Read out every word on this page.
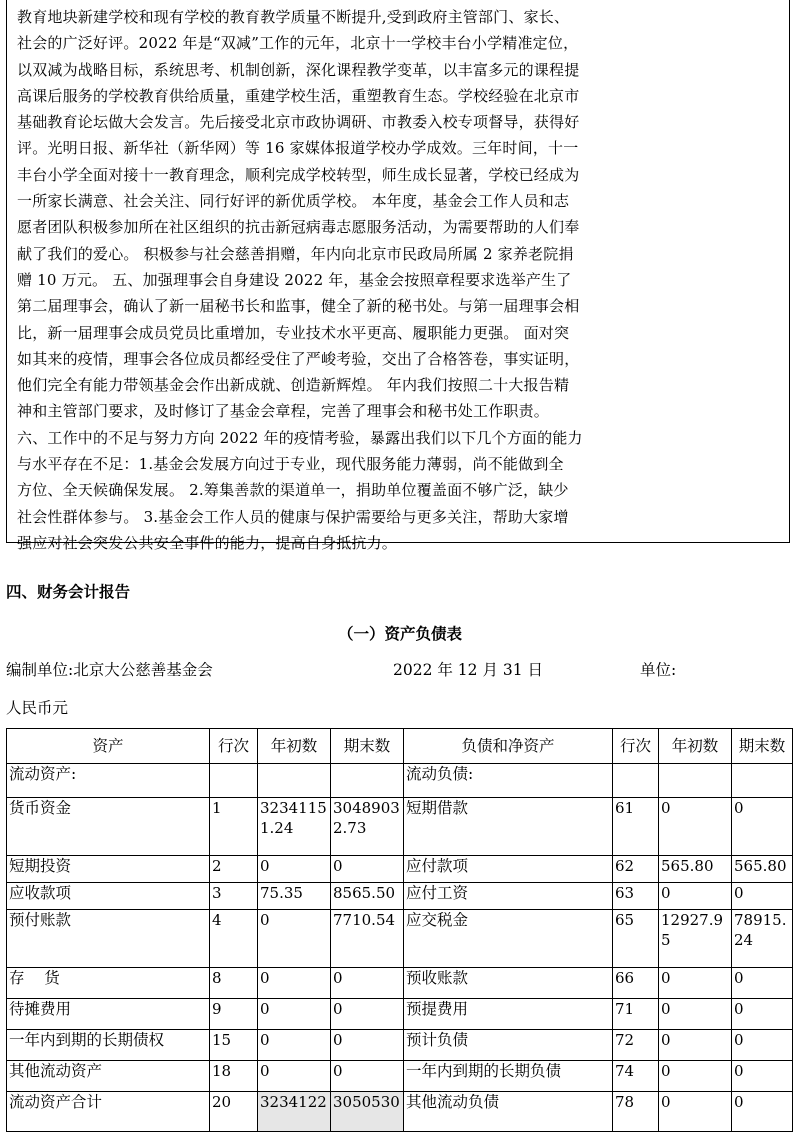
教育地块新建学校和现有学校的教育教学质量不断提升,受到政府主管部门、家长、

社会的广泛好评。2022 年是“双减”工作的元年，北京十一学校丰台小学精准定位，

以双减为战略目标，系统思考、机制创新，深化课程教学变革，以丰富多元的课程提

高课后服务的学校教育供给质量，重建学校生活，重塑教育生态。学校经验在北京市

基础教育论坛做大会发言。先后接受北京市政协调研、市教委入校专项督导，获得好

评。光明日报、新华社（新华网）等 16 家媒体报道学校办学成效。三年时间，十一

丰台小学全面对接十一教育理念，顺利完成学校转型，师生成长显著，学校已经成为

一所家长满意、社会关注、同行好评的新优质学校。 本年度，基金会工作人员和志

愿者团队积极参加所在社区组织的抗击新冠病毒志愿服务活动，为需要帮助的人们奉

献了我们的爱心。 积极参与社会慈善捐赠，年内向北京市民政局所属 2 家养老院捐

赠 10 万元。 五、加强理事会自身建设 2022 年，基金会按照章程要求选举产生了

第二届理事会，确认了新一届秘书长和监事，健全了新的秘书处。与第一届理事会相

比，新一届理事会成员党员比重增加，专业技术水平更高、履职能力更强。 面对突

如其来的疫情，理事会各位成员都经受住了严峻考验，交出了合格答卷，事实证明，

他们完全有能力带领基金会作出新成就、创造新辉煌。 年内我们按照二十大报告精

神和主管部门要求，及时修订了基金会章程，完善了理事会和秘书处工作职责。

六、工作中的不足与努力方向 2022 年的疫情考验，暴露出我们以下几个方面的能力

与水平存在不足：1.基金会发展方向过于专业，现代服务能力薄弱，尚不能做到全

方位、全天候确保发展。 2.筹集善款的渠道单一，捐助单位覆盖面不够广泛，缺少

社会性群体参与。 3.基金会工作人员的健康与保护需要给与更多关注，帮助大家增

强应对社会突发公共安全事件的能力，提高自身抵抗力。

四、财务会计报告
（一）资产负债表
编制单位:北京大公慈善基金会	2022 年 12 月 31 日	单位:
人民币元
资产	行次	年初数	期末数	负债和净资产	行次	年初数	期末数
流动资产:				流动负债:			
货币资金	1	32341151.24	30489032.73	短期借款	61	0	0
短期投资	2	0	0	应付款项	62	565.80	565.80
应收款项	3	75.35	8565.50	应付工资	63	0	0
预付账款	4	0	7710.54	应交税金	65	12927.95	78915.24
存    货	8	0	0	预收账款	66	0	0
待摊费用	9	0	0	预提费用	71	0	0
一年内到期的长期债权	15	0	0	预计负债	72	0	0
其他流动资产	18	0	0	一年内到期的长期负债	74	0	0
流动资产合计	20	3234122	3050530	其他流动负债	78	0	0
